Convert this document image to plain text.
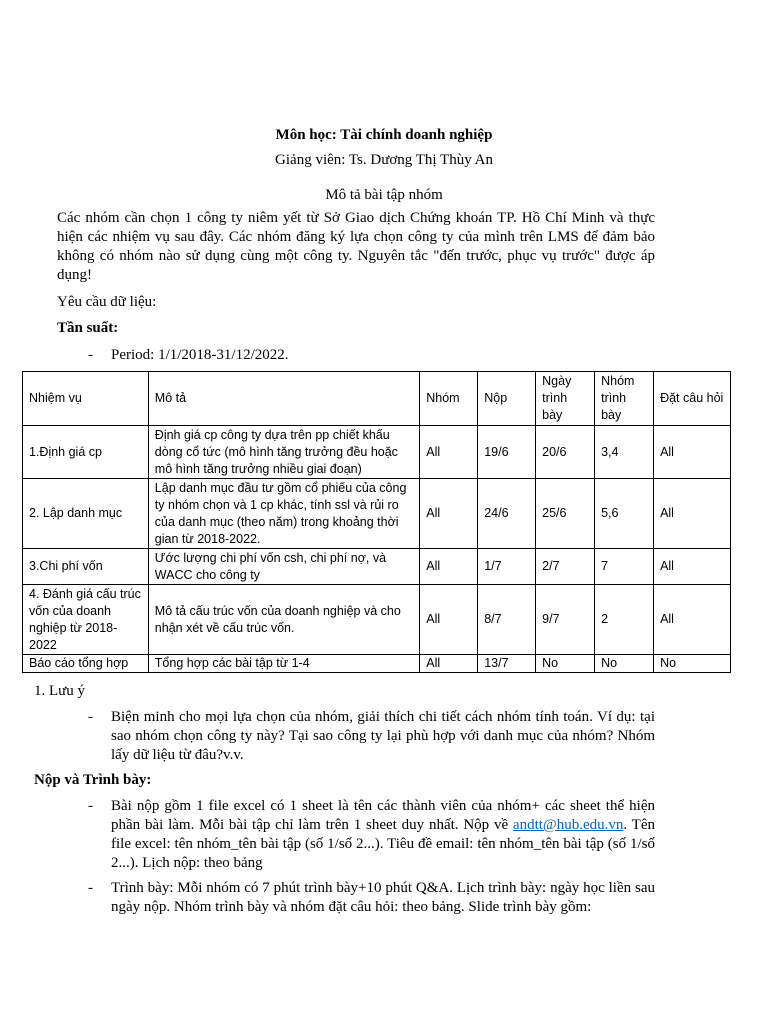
Môn học: Tài chính doanh nghiệp
Giảng viên: Ts. Dương Thị Thùy An
Mô tả bài tập nhóm
Các nhóm cần chọn 1 công ty niêm yết từ Sở Giao dịch Chứng khoán TP. Hồ Chí Minh và thực hiện các nhiệm vụ sau đây. Các nhóm đăng ký lựa chọn công ty của mình trên LMS để đảm bảo không có nhóm nào sử dụng cùng một công ty. Nguyên tắc "đến trước, phục vụ trước" được áp dụng!
Yêu cầu dữ liệu:
Tần suất:
- Period: 1/1/2018-31/12/2022.
Nhiệm vụ	Mô tả	Nhóm	Nộp	Ngày trình bày	Nhóm trình bày	Đặt câu hỏi
1.Định giá cp	Định giá cp công ty dựa trên pp chiết khấu dòng cổ tức (mô hình tăng trưởng đều hoặc mô hình tăng trưởng nhiều giai đoạn)	All	19/6	20/6	3,4	All
2. Lập danh mục	Lập danh mục đầu tư gồm cổ phiếu của công ty nhóm chọn và 1 cp khác, tính ssl và rủi ro của danh mục (theo năm) trong khoảng thời gian từ 2018-2022.	All	24/6	25/6	5,6	All
3.Chi phí vốn	Ước lượng chi phí vốn csh, chi phí nợ, và WACC cho công ty	All	1/7	2/7	7	All
4. Đánh giá cấu trúc vốn của doanh nghiệp từ 2018-2022	Mô tả cấu trúc vốn của doanh nghiệp và cho nhận xét về cấu trúc vốn.	All	8/7	9/7	2	All
Báo cáo tổng hợp	Tổng hợp các bài tập từ 1-4	All	13/7	No	No	No
1. Lưu ý
- Biện minh cho mọi lựa chọn của nhóm, giải thích chi tiết cách nhóm tính toán. Ví dụ: tại sao nhóm chọn công ty này? Tại sao công ty lại phù hợp với danh mục của nhóm? Nhóm lấy dữ liệu từ đâu?v.v.
Nộp và Trình bày:
- Bài nộp gồm 1 file excel có 1 sheet là tên các thành viên của nhóm+ các sheet thể hiện phần bài làm. Mỗi bài tập chỉ làm trên 1 sheet duy nhất. Nộp về andtt@hub.edu.vn. Tên file excel: tên nhóm_tên bài tập (số 1/số 2...). Tiêu đề email: tên nhóm_tên bài tập (số 1/số 2...). Lịch nộp: theo bảng
- Trình bày: Mỗi nhóm có 7 phút trình bày+10 phút Q&A. Lịch trình bày: ngày học liền sau ngày nộp. Nhóm trình bày và nhóm đặt câu hỏi: theo bảng. Slide trình bày gồm:
